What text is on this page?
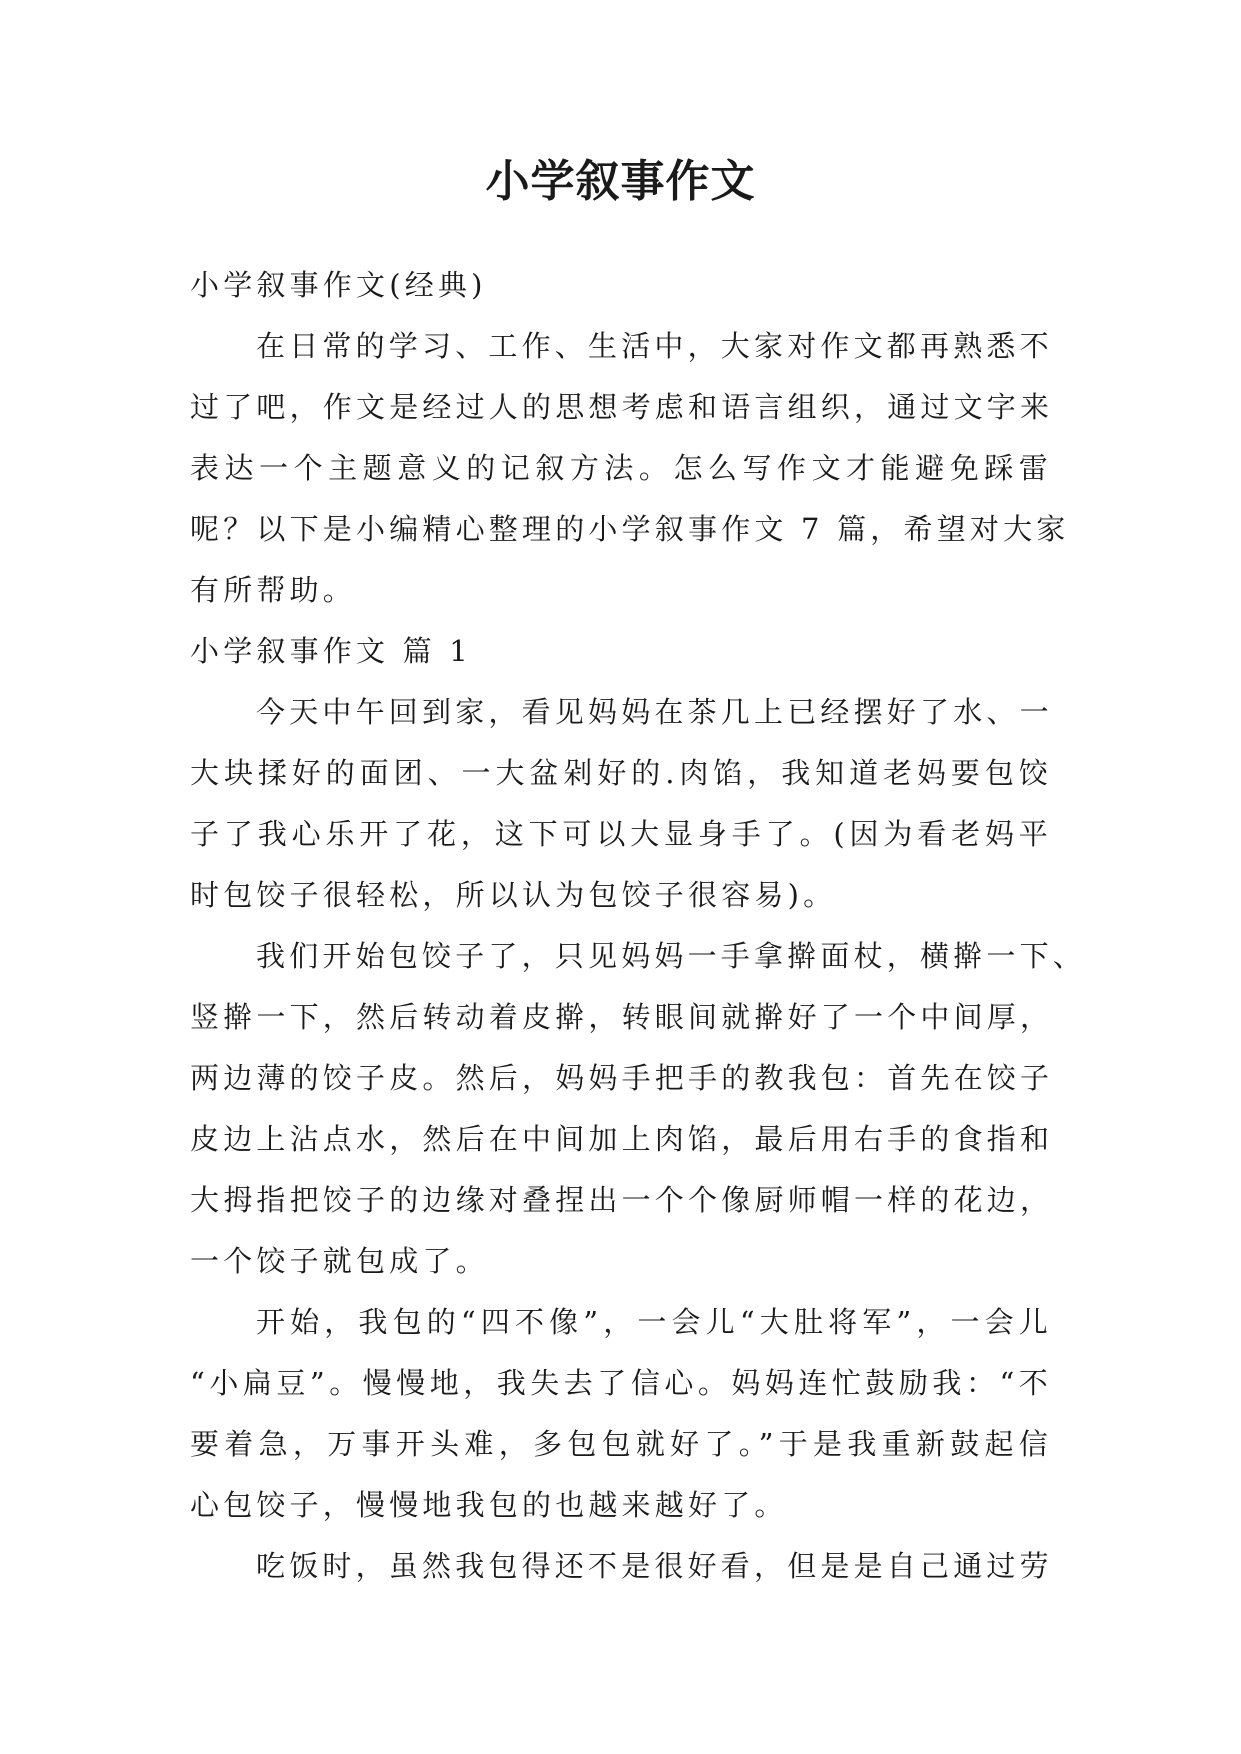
小学叙事作文
小学叙事作文(经典)
在日常的学习、工作、生活中，大家对作文都再熟悉不
过了吧，作文是经过人的思想考虑和语言组织，通过文字来
表达一个主题意义的记叙方法。怎么写作文才能避免踩雷
呢？以下是小编精心整理的小学叙事作文 7 篇，希望对大家
有所帮助。
小学叙事作文 篇 1
今天中午回到家，看见妈妈在茶几上已经摆好了水、一
大块揉好的面团、一大盆剁好的.肉馅，我知道老妈要包饺
子了我心乐开了花，这下可以大显身手了。(因为看老妈平
时包饺子很轻松，所以认为包饺子很容易)。
我们开始包饺子了，只见妈妈一手拿擀面杖，横擀一下、
竖擀一下，然后转动着皮擀，转眼间就擀好了一个中间厚，
两边薄的饺子皮。然后，妈妈手把手的教我包：首先在饺子
皮边上沾点水，然后在中间加上肉馅，最后用右手的食指和
大拇指把饺子的边缘对叠捏出一个个像厨师帽一样的花边，
一个饺子就包成了。
开始，我包的“四不像”，一会儿“大肚将军”，一会儿
“小扁豆”。慢慢地，我失去了信心。妈妈连忙鼓励我：“不
要着急，万事开头难，多包包就好了。”于是我重新鼓起信
心包饺子，慢慢地我包的也越来越好了。
吃饭时，虽然我包得还不是很好看，但是是自己通过劳
